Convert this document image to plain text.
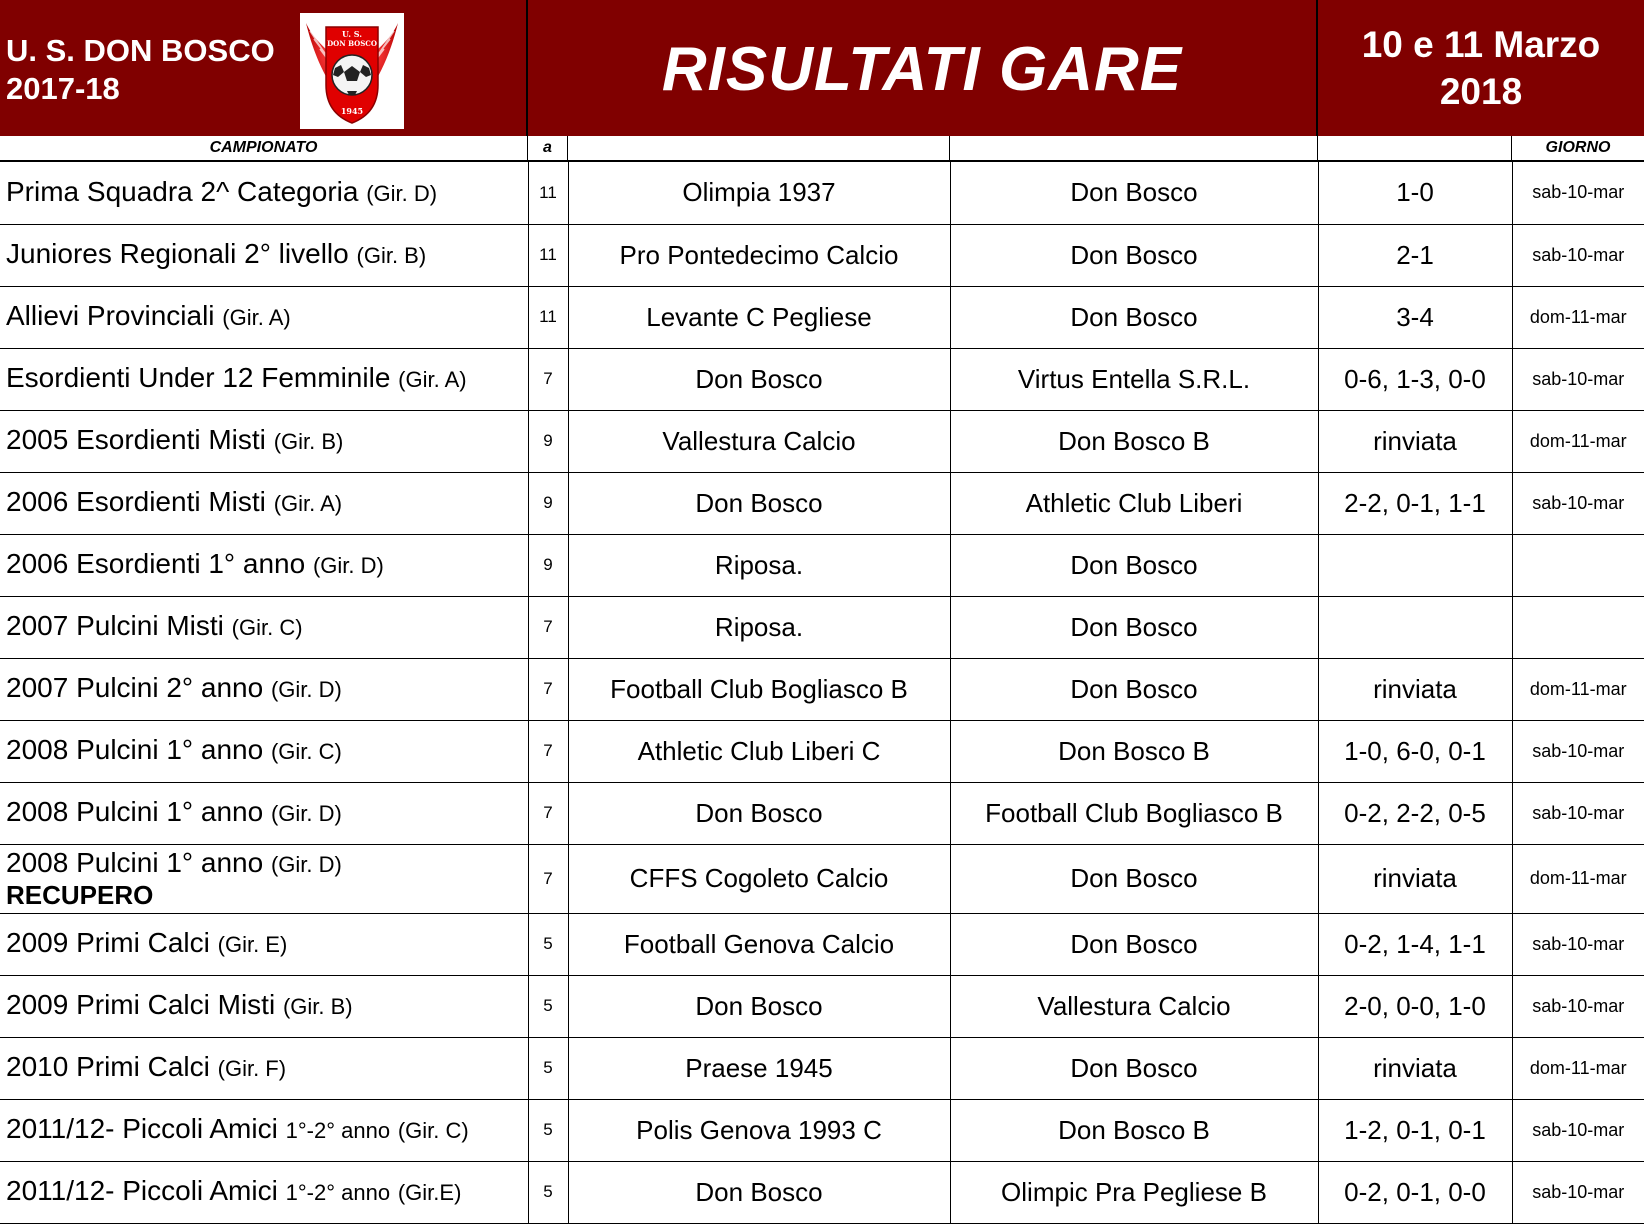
U. S. DON BOSCO
2017-18
U. S.
DON BOSCO
1945
RISULTATI GARE	10 e 11 Marzo
2018
CAMPIONATO	a	GIORNO
Prima Squadra 2^ Categoria (Gir. D)	11	Olimpia 1937	Don Bosco	1-0	sab-10-mar

Juniores Regionali 2° livello (Gir. B)	11	Pro Pontedecimo Calcio	Don Bosco	2-1	sab-10-mar

Allievi Provinciali (Gir. A)	11	Levante C Pegliese	Don Bosco	3-4	dom-11-mar

Esordienti Under 12 Femminile (Gir. A)	7	Don Bosco	Virtus Entella S.R.L.	0-6, 1-3, 0-0	sab-10-mar

2005 Esordienti Misti (Gir. B)	9	Vallestura Calcio	Don Bosco B	rinviata	dom-11-mar

2006 Esordienti Misti (Gir. A)	9	Don Bosco	Athletic Club Liberi	2-2, 0-1, 1-1	sab-10-mar

2006 Esordienti 1° anno (Gir. D)	9	Riposa.	Don Bosco		

2007 Pulcini Misti (Gir. C)	7	Riposa.	Don Bosco		

2007 Pulcini 2° anno (Gir. D)	7	Football Club Bogliasco B	Don Bosco	rinviata	dom-11-mar

2008 Pulcini 1° anno (Gir. C)	7	Athletic Club Liberi C	Don Bosco B	1-0, 6-0, 0-1	sab-10-mar

2008 Pulcini 1° anno (Gir. D)	7	Don Bosco	Football Club Bogliasco B	0-2, 2-2, 0-5	sab-10-mar

2008 Pulcini 1° anno (Gir. D)
RECUPERO	7	CFFS Cogoleto Calcio	Don Bosco	rinviata	dom-11-mar

2009 Primi Calci (Gir. E)	5	Football Genova Calcio	Don Bosco	0-2, 1-4, 1-1	sab-10-mar

2009 Primi Calci Misti (Gir. B)	5	Don Bosco	Vallestura Calcio	2-0, 0-0, 1-0	sab-10-mar

2010 Primi Calci (Gir. F)	5	Praese 1945	Don Bosco	rinviata	dom-11-mar

2011/12- Piccoli Amici 1°-2° anno (Gir. C)	5	Polis Genova 1993 C	Don Bosco B	1-2, 0-1, 0-1	sab-10-mar

2011/12- Piccoli Amici 1°-2° anno (Gir.E)	5	Don Bosco	Olimpic Pra Pegliese B	0-2, 0-1, 0-0	sab-10-mar
